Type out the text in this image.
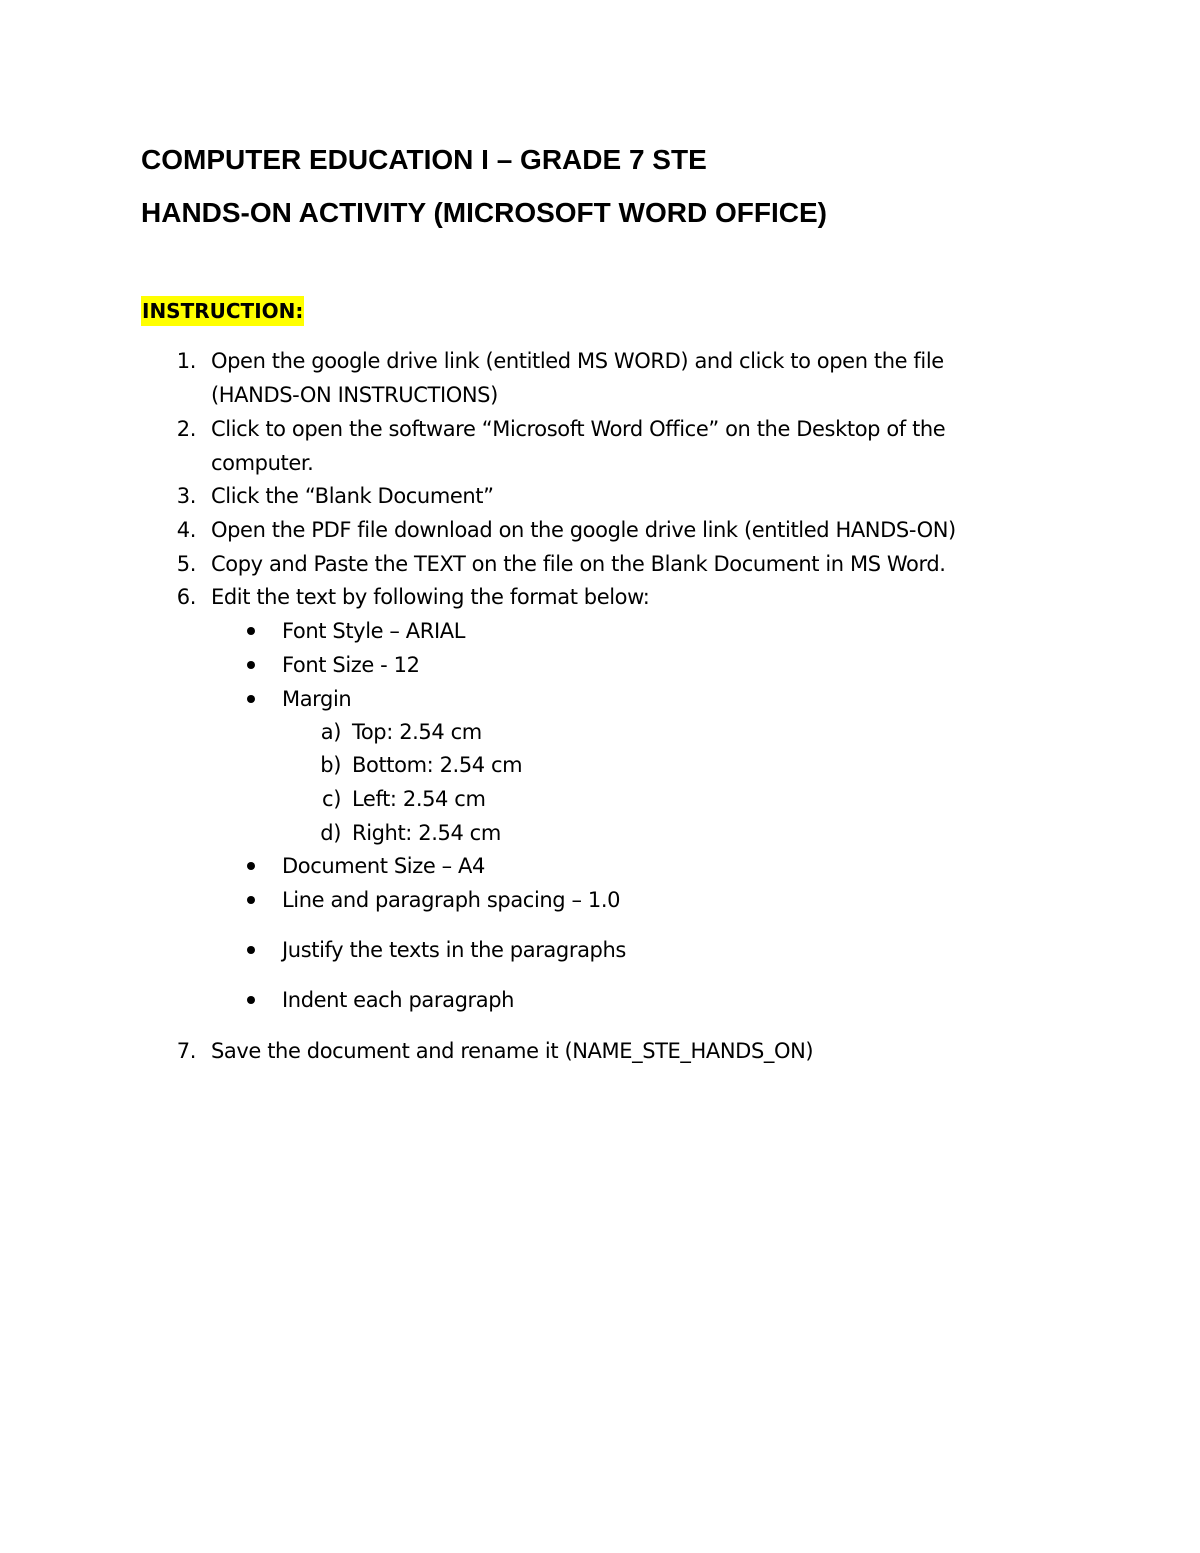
COMPUTER EDUCATION I – GRADE 7 STE
HANDS-ON ACTIVITY (MICROSOFT WORD OFFICE)
INSTRUCTION:
1. Open the google drive link (entitled MS WORD) and click to open the file
(HANDS-ON INSTRUCTIONS)
2. Click to open the software “Microsoft Word Office” on the Desktop of the
computer.
3. Click the “Blank Document”
4. Open the PDF file download on the google drive link (entitled HANDS-ON)
5. Copy and Paste the TEXT on the file on the Blank Document in MS Word.
6. Edit the text by following the format below:
Font Style – ARIAL
Font Size - 12
Margin
a) Top: 2.54 cm
b) Bottom: 2.54 cm
c) Left: 2.54 cm
d) Right: 2.54 cm
Document Size – A4
Line and paragraph spacing – 1.0
Justify the texts in the paragraphs
Indent each paragraph
7. Save the document and rename it (NAME_STE_HANDS_ON)
